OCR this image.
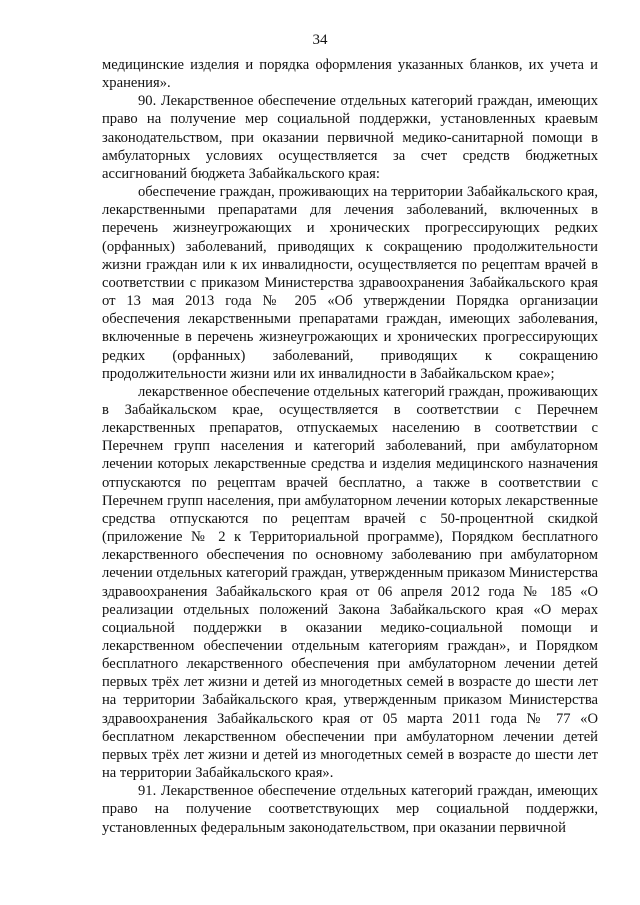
34

медицинские изделия и порядка оформления указанных бланков, их учета и хранения».

90. Лекарственное обеспечение отдельных категорий граждан, имеющих право на получение мер социальной поддержки, установленных краевым законодательством, при оказании первичной медико-санитарной помощи в амбулаторных условиях осуществляется за счет средств бюджетных ассигнований бюджета Забайкальского края:

обеспечение граждан, проживающих на территории Забайкальского края, лекарственными препаратами для лечения заболеваний, включенных в перечень жизнеугрожающих и хронических прогрессирующих редких (орфанных) заболеваний, приводящих к сокращению продолжительности жизни граждан или к их инвалидности, осуществляется по рецептам врачей в соответствии с приказом Министерства здравоохранения Забайкальского края от 13 мая 2013 года № 205 «Об утверждении Порядка организации обеспечения лекарственными препаратами граждан, имеющих заболевания, включенные в перечень жизнеугрожающих и хронических прогрессирующих редких (орфанных) заболеваний, приводящих к сокращению продолжительности жизни или их инвалидности в Забайкальском крае»;

лекарственное обеспечение отдельных категорий граждан, проживающих в Забайкальском крае, осуществляется в соответствии с Перечнем лекарственных препаратов, отпускаемых населению в соответствии с Перечнем групп населения и категорий заболеваний, при амбулаторном лечении которых лекарственные средства и изделия медицинского назначения отпускаются по рецептам врачей бесплатно, а также в соответствии с Перечнем групп населения, при амбулаторном лечении которых лекарственные средства отпускаются по рецептам врачей с 50-процентной скидкой (приложение № 2 к Территориальной программе), Порядком бесплатного лекарственного обеспечения по основному заболеванию при амбулаторном лечении отдельных категорий граждан, утвержденным приказом Министерства здравоохранения Забайкальского края от 06 апреля 2012 года № 185 «О реализации отдельных положений Закона Забайкальского края «О мерах социальной поддержки в оказании медико-социальной помощи и лекарственном обеспечении отдельным категориям граждан», и Порядком бесплатного лекарственного обеспечения при амбулаторном лечении детей первых трёх лет жизни и детей из многодетных семей в возрасте до шести лет на территории Забайкальского края, утвержденным приказом Министерства здравоохранения Забайкальского края от 05 марта 2011 года № 77 «О бесплатном лекарственном обеспечении при амбулаторном лечении детей первых трёх лет жизни и детей из многодетных семей в возрасте до шести лет на территории Забайкальского края».

91. Лекарственное обеспечение отдельных категорий граждан, имеющих право на получение соответствующих мер социальной поддержки, установленных федеральным законодательством, при оказании первичной
